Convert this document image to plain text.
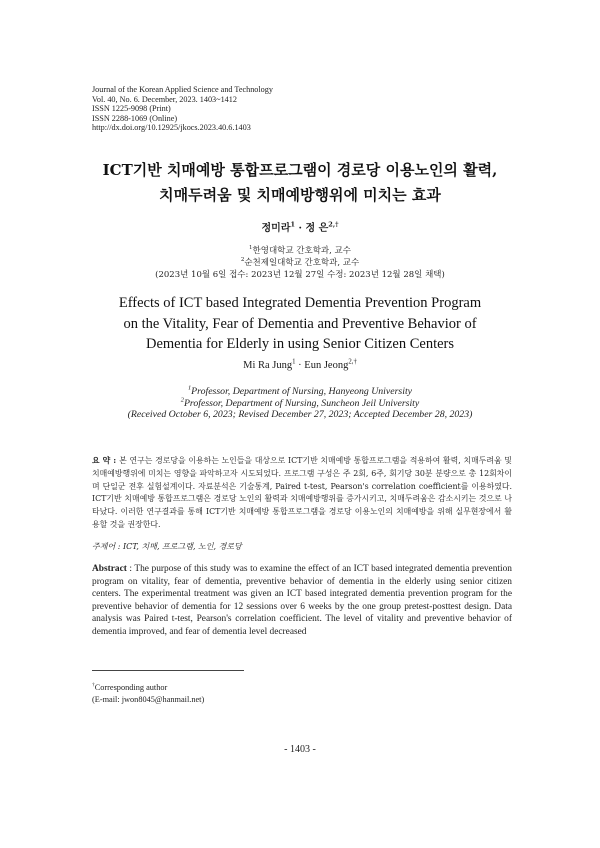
Journal of the Korean Applied Science and Technology
Vol. 40, No. 6. December, 2023. 1403~1412
ISSN 1225-9098 (Print)
ISSN 2288-1069 (Online)
http://dx.doi.org/10.12925/jkocs.2023.40.6.1403
ICT기반 치매예방 통합프로그램이 경로당 이용노인의 활력,
치매두려움 및 치매예방행위에 미치는 효과
정미라$^1$ · 정 은$^{2,\dagger}$
$^1$한영대학교 간호학과, 교수
$^2$순천제일대학교 간호학과, 교수
(2023년 10월 6일 접수: 2023년 12월 27일 수정: 2023년 12월 28일 채택)
Effects of ICT based Integrated Dementia Prevention Program
on the Vitality, Fear of Dementia and Preventive Behavior of
Dementia for Elderly in using Senior Citizen Centers
Mi Ra Jung$^1$ · Eun Jeong$^{2,\dagger}$
$^1$Professor, Department of Nursing, Hanyeong University
$^2$Professor, Department of Nursing, Suncheon Jeil University
(Received October 6, 2023; Revised December 27, 2023; Accepted December 28, 2023)
요 약 : 본 연구는 경로당을 이용하는 노인들을 대상으로 ICT기반 치매예방 통합프로그램을 적용하여 활력, 치매두려움 및 치매예방행위에 미치는 영향을 파악하고자 시도되었다. 프로그램 구성은 주 2회, 6주, 회기당 30분 분량으로 총 12회차이며 단일군 전후 실험설계이다. 자료분석은 기술통계, Paired t-test, Pearson's correlation coefficient를 이용하였다. ICT기반 치매예방 통합프로그램은 경로당 노인의 활력과 치매예방행위를 증가시키고, 치매두려움은 감소시키는 것으로 나타났다. 이러한 연구결과를 통해 ICT기반 치매예방 통합프로그램을 경로당 이용노인의 치매예방을 위해 실무현장에서 활용할 것을 권장한다.
주제어 : ICT, 치매, 프로그램, 노인, 경로당
Abstract : The purpose of this study was to examine the effect of an ICT based integrated dementia prevention program on vitality, fear of dementia, preventive behavior of dementia in the elderly using senior citizen centers. The experimental treatment was given an ICT based integrated dementia prevention program for the preventive behavior of dementia for 12 sessions over 6 weeks by the one group pretest-posttest design. Data analysis was Paired t-test, Pearson's correlation coefficient. The level of vitality and preventive behavior of dementia improved, and fear of dementia level decreased
†Corresponding author
(E-mail: jwon8045@hanmail.net)
- 1403 -
